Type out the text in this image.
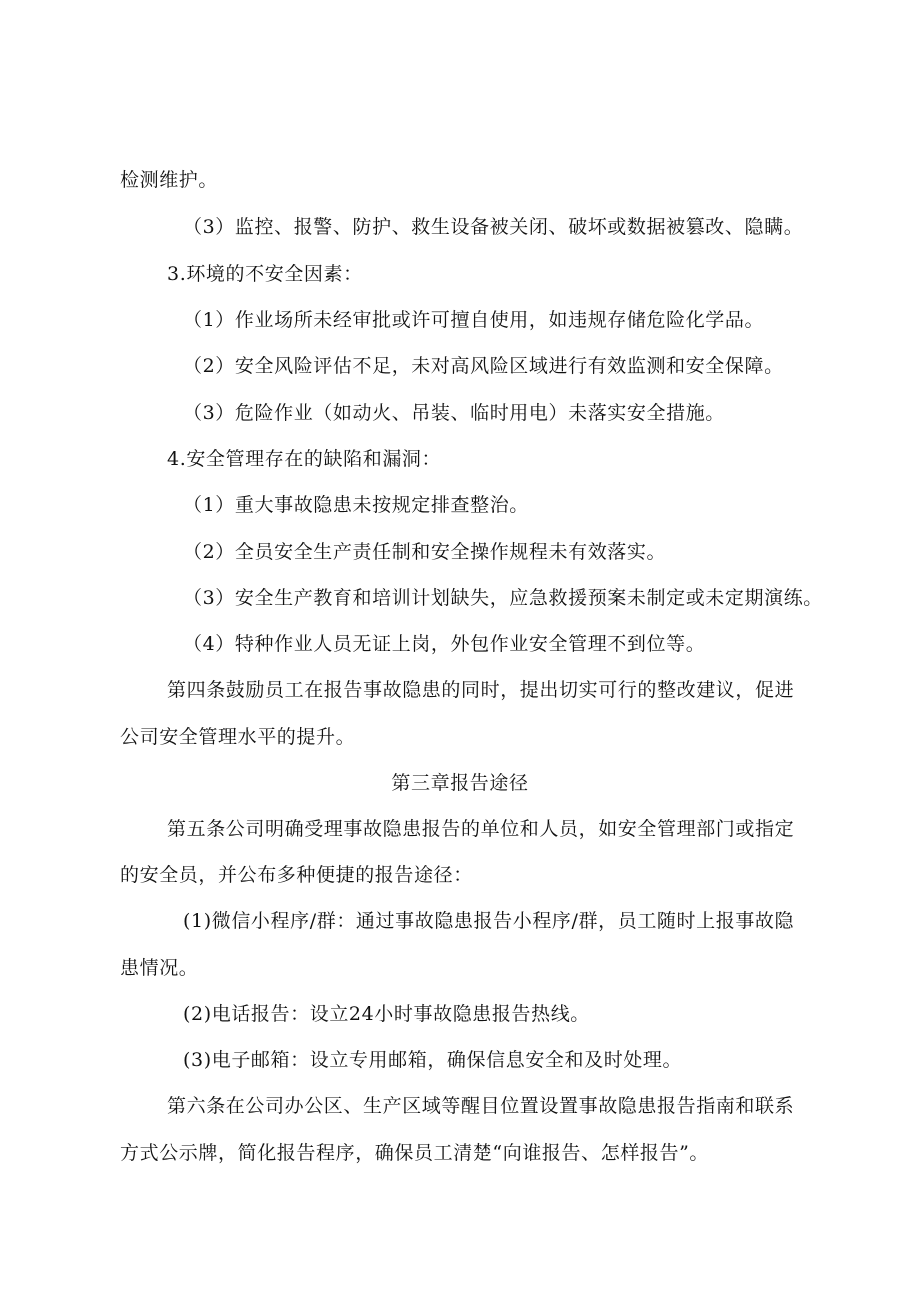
检测维护。
（3）监控、报警、防护、救生设备被关闭、破坏或数据被篡改、隐瞒。
3.环境的不安全因素：
（1）作业场所未经审批或许可擅自使用，如违规存储危险化学品。
（2）安全风险评估不足，未对高风险区域进行有效监测和安全保障。
（3）危险作业（如动火、吊装、临时用电）未落实安全措施。
4.安全管理存在的缺陷和漏洞：
（1）重大事故隐患未按规定排查整治。
（2）全员安全生产责任制和安全操作规程未有效落实。
（3）安全生产教育和培训计划缺失，应急救援预案未制定或未定期演练。
（4）特种作业人员无证上岗，外包作业安全管理不到位等。
第四条鼓励员工在报告事故隐患的同时，提出切实可行的整改建议，促进
公司安全管理水平的提升。
第三章报告途径
第五条公司明确受理事故隐患报告的单位和人员，如安全管理部门或指定
的安全员，并公布多种便捷的报告途径：
(1)微信小程序/群：通过事故隐患报告小程序/群，员工随时上报事故隐
患情况。
(2)电话报告：设立24小时事故隐患报告热线。
(3)电子邮箱：设立专用邮箱，确保信息安全和及时处理。
第六条在公司办公区、生产区域等醒目位置设置事故隐患报告指南和联系
方式公示牌，简化报告程序，确保员工清楚“向谁报告、怎样报告”。
